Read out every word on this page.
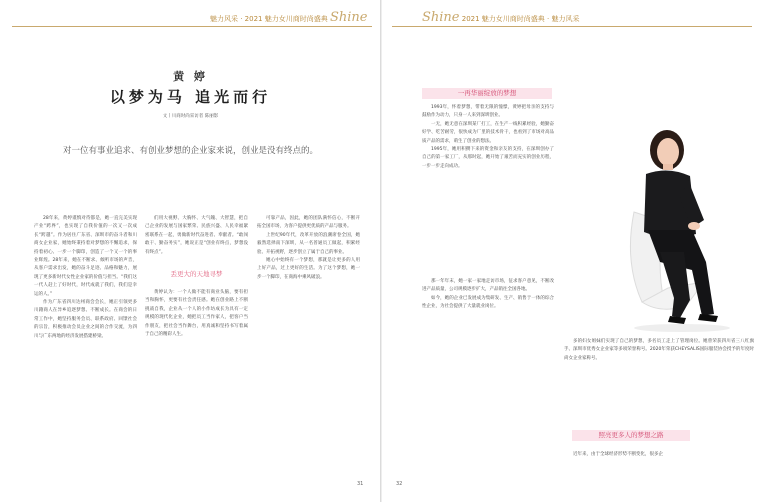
魅力风采 · 2021 魅力女川商时尚盛典 Shine
黄 婷
以梦为马 追光而行
文丨川商时尚采访者 陈丽影
对一位有事业追求、有创业梦想的企业家来说，创业是没有终点的。

28年来，黄婷谨慎对待都是，她一直完美实现产业“跨界”，也实现了自我价值的一次又一次成长“跨越”。作为居住广东省、深圳市的奋斗者和川商女企业家，她始终秉持着对梦想的不懈追求，保持着初心、一步一个脚印，创造了一个又一个的事业辉煌。28年来，她在不断求、倾听市场的声音，从客户需求出发，她的奋斗足迹、品格和魅力，展现了更多新时代女性企业家的价值与担当。“我们这一代人赶上了好时代，时代成就了我们，我们是幸运的人。”

作为广东省四川达州商会会长，她正引领更多川籍商人在异乡追逐梦想、不断成长。在商会的日常工作中，她坚持服务会员、联系政府、回馈社会的宗旨，积极推动会员企业之间的合作交流，为四川与广东两地的经济发展搭建桥梁。

们用大视野、大胸怀、大气魄、大智慧，把自己企业的发展与国家繁荣、民族兴盛、人民幸福紧密联系在一起，勇做新时代奋进者、奉献者。“敢闯敢干、勤奋务实”，她说正是“创业有终点，梦想没有终点”。

丢更大的天地寻梦

黄婷认为：一个人做不能有商业头脑，要有担当和胸怀，更要有社会责任感。她在创业路上不断挑战自我，企业从一个人的小作坊成长为具有一定规模的现代化企业，她把员工当作家人，把客户当作朋友，把社会当作舞台，用真诚和坚持书写着属于自己的精彩人生。

可靠产品，因此，她的团队满怀信心，不断开拓全国市场，为客户提供更优质的产品与服务。

上世纪90年代，改革开放的浪潮席卷全国，她毅然选择南下深圳，从一名普通员工做起，积累经验、开拓视野，逐步创立了属于自己的事业。

她心中始终有一个梦想，那就是让更多的人用上好产品，过上更好的生活。为了这个梦想，她一步一个脚印，在商海中乘风破浪。

31
Shine 2021 魅力女川商时尚盛典 · 魅力风采
一再华丽绽放的梦想

1993年，怀着梦想，带着无限的憧憬，黄婷把母亲的支持与鼓励作为动力，只身一人来到深圳创业。

一无，她无意在深圳某厂打工，在生产一线积累经验，她勤奋好学、吃苦耐劳，很快成为厂里的技术骨干，也看到了市场对高品质产品的需求，萌生了创业的想法。

1995年，她用积攒下来的资金和亲友的支持，在深圳创办了自己的第一家工厂，从那时起，她开始了艰苦而充实的创业历程，一步一步走向成功。

那一年年末，她一家一家地走访市场，征求客户意见，不断改进产品质量，公司规模逐步扩大，产品销往全国各地。

如今，她的企业已发展成为集研发、生产、销售于一体的综合性企业，为社会提供了大量就业岗位。

多的妇女姐妹们实现了自己的梦想，多名员工走上了管理岗位。她曾荣获四川省三八红旗手、深圳市优秀女企业家等多项荣誉称号。2020年荣获CHEYSALIS国际服装协会授予的年度时尚女企业家称号。

照亮更多人的梦想之路

近年来，由于全球经济形势不断变化，很多企

32
